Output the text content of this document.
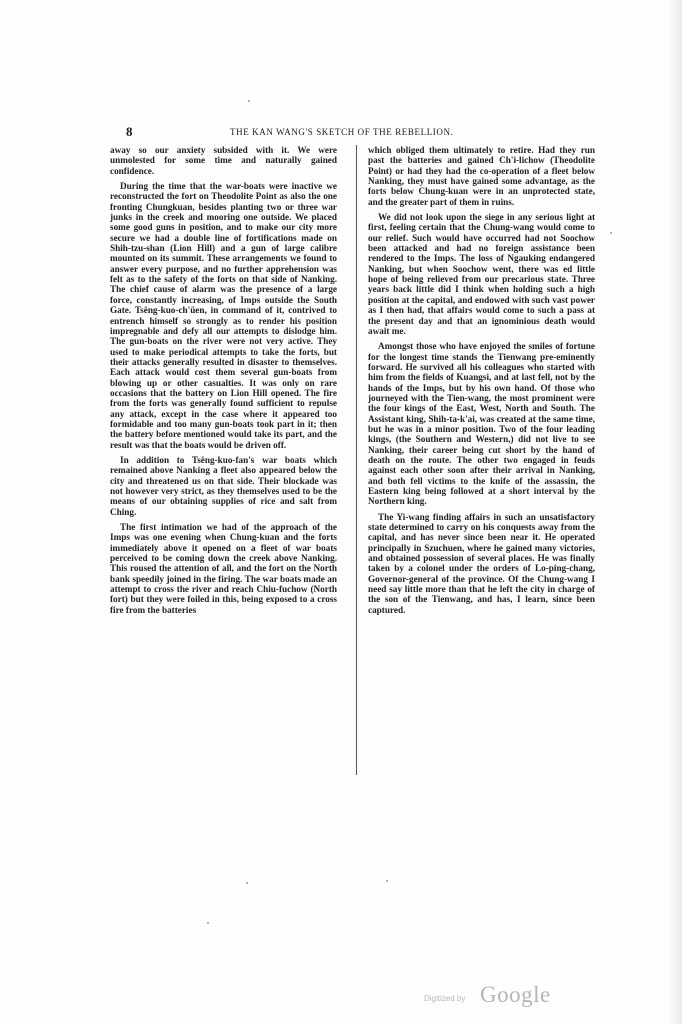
8	THE KAN WANG'S SKETCH OF THE REBELLION.

away so our anxiety subsided with it. We were unmolested for some time and naturally gained confidence.

During the time that the war-boats were inactive we reconstructed the fort on Theodolite Point as also the one fronting Chungkuan, besides planting two or three war junks in the creek and mooring one outside. We placed some good guns in position, and to make our city more secure we had a double line of fortifications made on Shih-tzu-shan (Lion Hill) and a gun of large calibre mounted on its summit. These arrangements we found to answer every purpose, and no further apprehension was felt as to the safety of the forts on that side of Nanking. The chief cause of alarm was the presence of a large force, constantly increasing, of Imps outside the South Gate. Tsêng-kuo-ch'üen, in command of it, contrived to entrench himself so strongly as to render his position impregnable and defy all our attempts to dislodge him. The gun-boats on the river were not very active. They used to make periodical attempts to take the forts, but their attacks generally resulted in disaster to themselves. Each attack would cost them several gun-boats from blowing up or other casualties. It was only on rare occasions that the battery on Lion Hill opened. The fire from the forts was generally found sufficient to repulse any attack, except in the case where it appeared too formidable and too many gun-boats took part in it; then the battery before mentioned would take its part, and the result was that the boats would be driven off.

In addition to Tsêng-kuo-fan's war boats which remained above Nanking a fleet also appeared below the city and threatened us on that side. Their blockade was not however very strict, as they themselves used to be the means of our obtaining supplies of rice and salt from Ching.

The first intimation we had of the approach of the Imps was one evening when Chung-kuan and the forts immediately above it opened on a fleet of war boats perceived to be coming down the creek above Nanking. This roused the attention of all, and the fort on the North bank speedily joined in the firing. The war boats made an attempt to cross the river and reach Chiu-fuchow (North fort) but they were foiled in this, being exposed to a cross fire from the batteries

which obliged them ultimately to retire. Had they run past the batteries and gained Ch'i-lichow (Theodolite Point) or had they had the co-operation of a fleet below Nanking, they must have gained some advantage, as the forts below Chung-kuan were in an unprotected state, and the greater part of them in ruins.

We did not look upon the siege in any serious light at first, feeling certain that the Chung-wang would come to our relief. Such would have occurred had not Soochow been attacked and had no foreign assistance been rendered to the Imps. The loss of Ngauking endangered Nanking, but when Soochow went, there was ed little hope of being relieved from our precarious state. Three years back little did I think when holding such a high position at the capital, and endowed with such vast power as I then had, that affairs would come to such a pass at the present day and that an ignominious death would await me.

Amongst those who have enjoyed the smiles of fortune for the longest time stands the Tienwang pre-eminently forward. He survived all his colleagues who started with him from the fields of Kuangsi, and at last fell, not by the hands of the Imps, but by his own hand. Of those who journeyed with the Tien-wang, the most prominent were the four kings of the East, West, North and South. The Assistant king, Shih-ta-k'ai, was created at the same time, but he was in a minor position. Two of the four leading kings, (the Southern and Western,) did not live to see Nanking, their career being cut short by the hand of death on the route. The other two engaged in feuds against each other soon after their arrival in Nanking, and both fell victims to the knife of the assassin, the Eastern king being followed at a short interval by the Northern king.

The Yi-wang finding affairs in such an unsatisfactory state determined to carry on his conquests away from the capital, and has never since been near it. He operated principally in Szuchuen, where he gained many victories, and obtained possession of several places. He was finally taken by a colonel under the orders of Lo-ping-chang, Governor-general of the province. Of the Chung-wang I need say little more than that he left the city in charge of the son of the Tienwang, and has, I learn, since been captured.

Digitized by Google
